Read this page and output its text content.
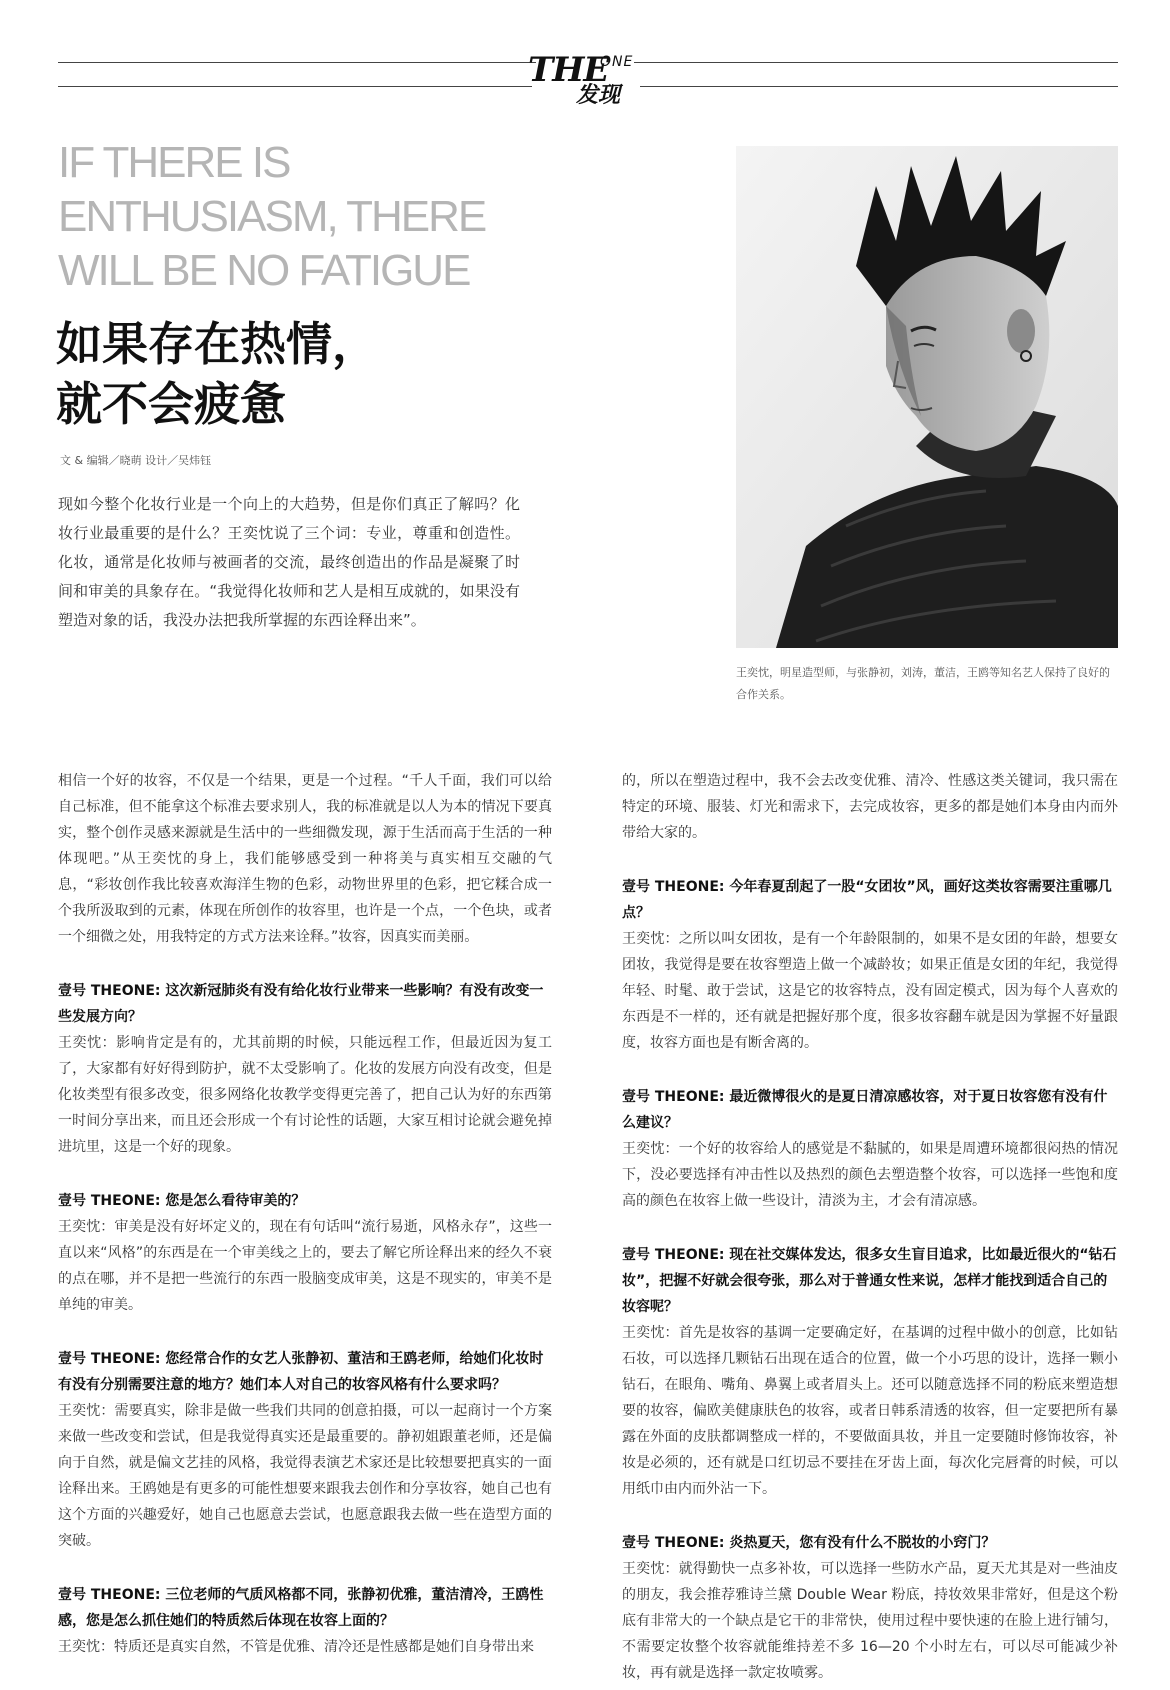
THE
ONE
发现
IF THERE IS
ENTHUSIASM, THERE
WILL BE NO FATIGUE
如果存在热情，
就不会疲惫
文 & 编辑／晓萌 设计／吴炜钰

现如今整个化妆行业是一个向上的大趋势，但是你们真正了解吗？化妆行业最重要的是什么？王奕忱说了三个词：专业，尊重和创造性。化妆，通常是化妆师与被画者的交流，最终创造出的作品是凝聚了时间和审美的具象存在。“我觉得化妆师和艺人是相互成就的，如果没有塑造对象的话，我没办法把我所掌握的东西诠释出来”。

王奕忱，明星造型师，与张静初，刘涛，董洁，王鸥等知名艺人保持了良好的合作关系。

相信一个好的妆容，不仅是一个结果，更是一个过程。“千人千面，我们可以给自己标准，但不能拿这个标准去要求别人，我的标准就是以人为本的情况下要真实，整个创作灵感来源就是生活中的一些细微发现，源于生活而高于生活的一种体现吧。”从王奕忱的身上，我们能够感受到一种将美与真实相互交融的气息，“彩妆创作我比较喜欢海洋生物的色彩，动物世界里的色彩，把它糅合成一个我所汲取到的元素，体现在所创作的妆容里，也许是一个点，一个色块，或者一个细微之处，用我特定的方式方法来诠释。”妆容，因真实而美丽。

壹号 THEONE: 这次新冠肺炎有没有给化妆行业带来一些影响？有没有改变一些发展方向？

王奕忱：影响肯定是有的，尤其前期的时候，只能远程工作，但最近因为复工了，大家都有好好得到防护，就不太受影响了。化妆的发展方向没有改变，但是化妆类型有很多改变，很多网络化妆教学变得更完善了，把自己认为好的东西第一时间分享出来，而且还会形成一个有讨论性的话题，大家互相讨论就会避免掉进坑里，这是一个好的现象。

壹号 THEONE: 您是怎么看待审美的？

王奕忱：审美是没有好坏定义的，现在有句话叫“流行易逝，风格永存”，这些一直以来“风格”的东西是在一个审美线之上的，要去了解它所诠释出来的经久不衰的点在哪，并不是把一些流行的东西一股脑变成审美，这是不现实的，审美不是单纯的审美。

壹号 THEONE: 您经常合作的女艺人张静初、董洁和王鸥老师，给她们化妆时有没有分别需要注意的地方？她们本人对自己的妆容风格有什么要求吗？

王奕忱：需要真实，除非是做一些我们共同的创意拍摄，可以一起商讨一个方案来做一些改变和尝试，但是我觉得真实还是最重要的。静初姐跟董老师，还是偏向于自然，就是偏文艺挂的风格，我觉得表演艺术家还是比较想要把真实的一面诠释出来。王鸥她是有更多的可能性想要来跟我去创作和分享妆容，她自己也有这个方面的兴趣爱好，她自己也愿意去尝试，也愿意跟我去做一些在造型方面的突破。

壹号 THEONE: 三位老师的气质风格都不同，张静初优雅，董洁清冷，王鸥性感，您是怎么抓住她们的特质然后体现在妆容上面的？

王奕忱：特质还是真实自然，不管是优雅、清冷还是性感都是她们自身带出来

的，所以在塑造过程中，我不会去改变优雅、清冷、性感这类关键词，我只需在特定的环境、服装、灯光和需求下，去完成妆容，更多的都是她们本身由内而外带给大家的。

壹号 THEONE: 今年春夏刮起了一股“女团妆”风，画好这类妆容需要注重哪几点？

王奕忱：之所以叫女团妆，是有一个年龄限制的，如果不是女团的年龄，想要女团妆，我觉得是要在妆容塑造上做一个减龄妆；如果正值是女团的年纪，我觉得年轻、时髦、敢于尝试，这是它的妆容特点，没有固定模式，因为每个人喜欢的东西是不一样的，还有就是把握好那个度，很多妆容翻车就是因为掌握不好量跟度，妆容方面也是有断舍离的。

壹号 THEONE: 最近微博很火的是夏日清凉感妆容，对于夏日妆容您有没有什么建议？

王奕忱：一个好的妆容给人的感觉是不黏腻的，如果是周遭环境都很闷热的情况下，没必要选择有冲击性以及热烈的颜色去塑造整个妆容，可以选择一些饱和度高的颜色在妆容上做一些设计，清淡为主，才会有清凉感。

壹号 THEONE: 现在社交媒体发达，很多女生盲目追求，比如最近很火的“钻石妆”，把握不好就会很夸张，那么对于普通女性来说，怎样才能找到适合自己的妆容呢？

王奕忱：首先是妆容的基调一定要确定好，在基调的过程中做小的创意，比如钻石妆，可以选择几颗钻石出现在适合的位置，做一个小巧思的设计，选择一颗小钻石，在眼角、嘴角、鼻翼上或者眉头上。还可以随意选择不同的粉底来塑造想要的妆容，偏欧美健康肤色的妆容，或者日韩系清透的妆容，但一定要把所有暴露在外面的皮肤都调整成一样的，不要做面具妆，并且一定要随时修饰妆容，补妆是必须的，还有就是口红切忌不要挂在牙齿上面，每次化完唇膏的时候，可以用纸巾由内而外沾一下。

壹号 THEONE: 炎热夏天，您有没有什么不脱妆的小窍门？

王奕忱：就得勤快一点多补妆，可以选择一些防水产品，夏天尤其是对一些油皮的朋友，我会推荐雅诗兰黛 Double Wear 粉底，持妆效果非常好，但是这个粉底有非常大的一个缺点是它干的非常快，使用过程中要快速的在脸上进行铺匀，不需要定妆整个妆容就能维持差不多 16—20 个小时左右，可以尽可能减少补妆，再有就是选择一款定妆喷雾。
